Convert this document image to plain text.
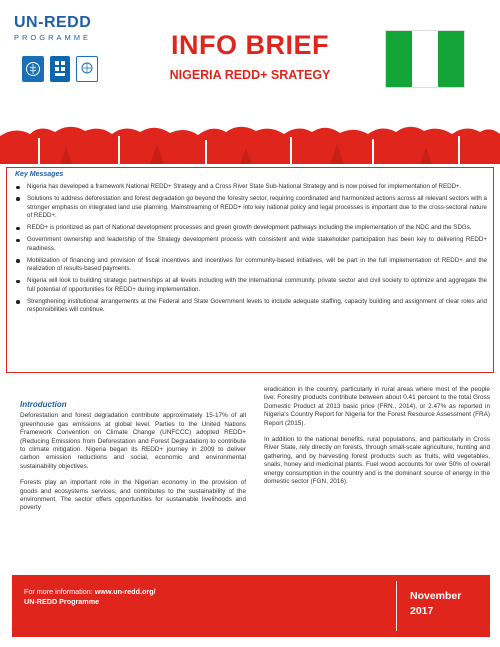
UN-REDD
PROGRAMME	INFO BRIEF
NIGERIA REDD+ SRATEGY
Key Messages
Nigeria has developed a framework National REDD+ Strategy and a Cross River State Sub-National Strategy and is now poised for implementation of REDD+.
Solutions to address deforestation and forest degradation go beyond the forestry sector, requiring coordinated and harmonized actions across all relevant sectors with a stronger emphasis on integrated land use planning. Mainstreaming of REDD+ into key national policy and legal processes is important due to the cross-sectoral nature of REDD+.
REDD+ is prioritized as part of National development processes and green growth development pathways including the implementation of the NDC and the SDGs.
Government ownership and leadership of the Strategy development process with consistent and wide stakeholder participation has been key to delivering REDD+ readiness.
Mobilization of financing and provision of fiscal incentives and incentives for community-based initiatives, will be part in the full implementation of REDD+ and the realization of results-based payments.
Nigeria will look to building strategic partnerships at all levels including with the international community, private sector and civil society to optimize and aggregate the full potential of opportunities for REDD+ during implementation.
Strengthening institutional arrangements at the Federal and State Government levels to include adequate staffing, capacity building and assignment of clear roles and responsibilities will continue.
Introduction

Deforestation and forest degradation contribute approximately 15-17% of all greenhouse gas emissions at global level. Parties to the United Nations Framework Convention on Climate Change (UNFCCC) adopted REDD+ (Reducing Emissions from Deforestation and Forest Degradation) to contribute to climate mitigation. Nigeria began its REDD+ journey in 2009 to deliver carbon emission reductions and social, economic and environmental sustainability objectives.

Forests play an important role in the Nigerian economy in the provision of goods and ecosystems services, and contributes to the sustainability of the environment. The sector offers opportunities for sustainable livelihoods and poverty

eradication in the country, particularly in rural areas where most of the people live. Forestry products contribute between about 0.41 percent to the total Gross Domestic Product at 2013 basic price (FRN., 2014), or 2.47% as reported in Nigeria's Country Report for Nigeria for the Forest Resource Assessment (FRA) Report (2015).

In addition to the national benefits, rural populations, and particularly in Cross River State, rely directly on forests, through small-scale agriculture, hunting and gathering, and by harvesting forest products such as fruits, wild vegetables, snails, honey and medicinal plants. Fuel wood accounts for over 50% of overall energy consumption in the country and is the dominant source of energy in the domestic sector (FGN, 2016).

For more information: www.un-redd.org/
UN-REDD Programme	November
2017
